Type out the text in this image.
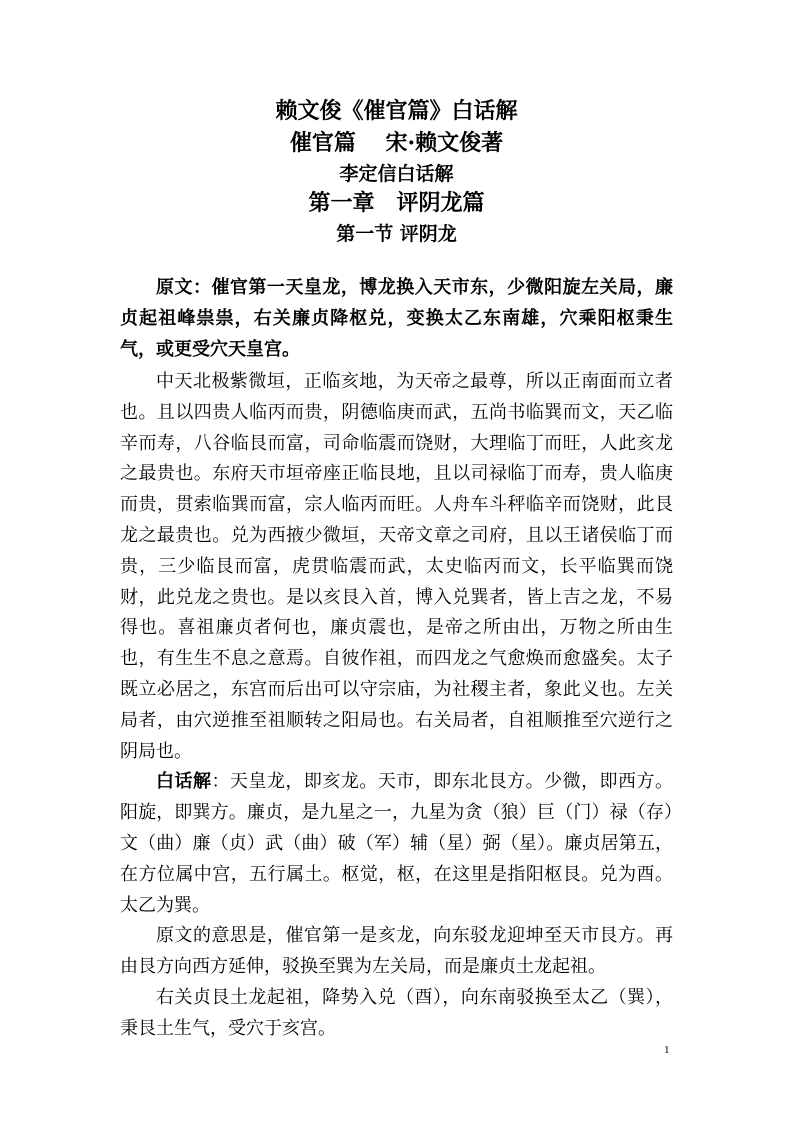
赖文俊《催官篇》白话解
催官篇　 宋·赖文俊著
李定信白话解
第一章　评阴龙篇
第一节 评阴龙

原文：催官第一天皇龙，博龙换入天市东，少微阳旋左关局，廉贞起祖峰祟祟，右关廉贞降枢兑，变换太乙东南雄，穴乘阳枢秉生气，或更受穴天皇宫。

中天北极紫微垣，正临亥地，为天帝之最尊，所以正南面而立者也。且以四贵人临丙而贵，阴德临庚而武，五尚书临巽而文，天乙临辛而寿，八谷临艮而富，司命临震而饶财，大理临丁而旺，人此亥龙之最贵也。东府天市垣帝座正临艮地，且以司禄临丁而寿，贵人临庚而贵，贯索临巽而富，宗人临丙而旺。人舟车斗秤临辛而饶财，此艮龙之最贵也。兑为西掖少微垣，天帝文章之司府，且以王诸侯临丁而贵，三少临艮而富，虎贯临震而武，太史临丙而文，长平临巽而饶财，此兑龙之贵也。是以亥艮入首，博入兑巽者，皆上吉之龙，不易得也。喜祖廉贞者何也，廉贞震也，是帝之所由出，万物之所由生也，有生生不息之意焉。自彼作祖，而四龙之气愈焕而愈盛矣。太子既立必居之，东宫而后出可以守宗庙，为社稷主者，象此义也。左关局者，由穴逆推至祖顺转之阳局也。右关局者，自祖顺推至穴逆行之阴局也。

白话解：天皇龙，即亥龙。天市，即东北艮方。少微，即西方。阳旋，即巽方。廉贞，是九星之一，九星为贪（狼）巨（门）禄（存）文（曲）廉（贞）武（曲）破（军）辅（星）弼（星）。廉贞居第五，在方位属中宫，五行属土。枢觉，枢，在这里是指阳枢艮。兑为酉。太乙为巽。

原文的意思是，催官第一是亥龙，向东驳龙迎坤至天市艮方。再由艮方向西方延伸，驳换至巽为左关局，而是廉贞土龙起祖。

右关贞艮土龙起祖，降势入兑（酉），向东南驳换至太乙（巽），秉艮土生气，受穴于亥宫。

1
